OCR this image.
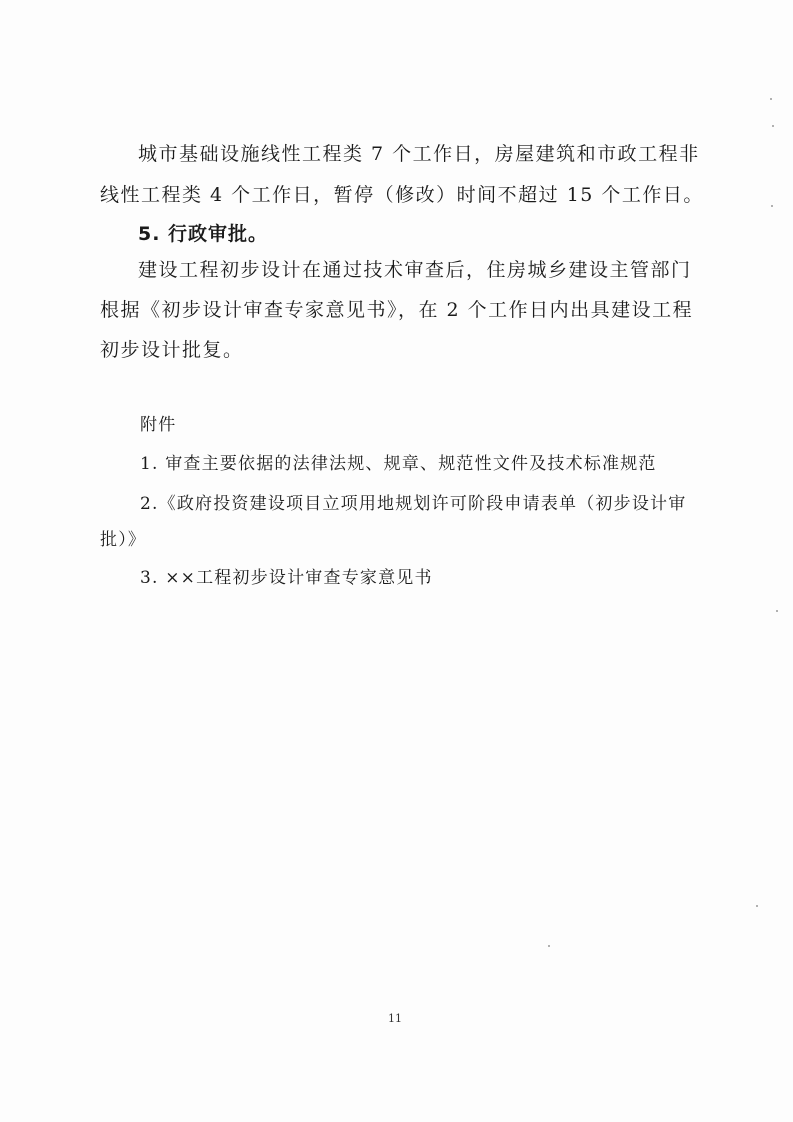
城市基础设施线性工程类 7 个工作日，房屋建筑和市政工程非
线性工程类 4 个工作日，暂停（修改）时间不超过 15 个工作日。
5. 行政审批。
建设工程初步设计在通过技术审查后，住房城乡建设主管部门
根据《初步设计审查专家意见书》，在 2 个工作日内出具建设工程
初步设计批复。
附件
1. 审查主要依据的法律法规、规章、规范性文件及技术标准规范
2.《政府投资建设项目立项用地规划许可阶段申请表单（初步设计审
批）》
3. ××工程初步设计审查专家意见书
11
